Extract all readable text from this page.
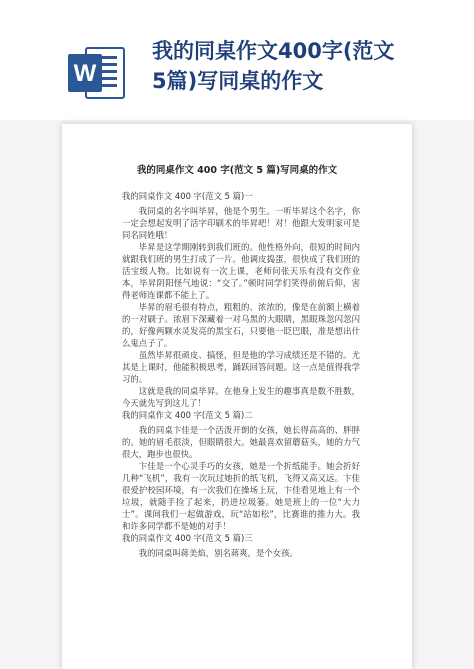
W
我的同桌作文400字(范文
5篇)写同桌的作文
我的同桌作文 400 字(范文 5 篇)写同桌的作文
我的同桌作文 400 字(范文 5 篇)一
我同桌的名字叫毕昇，他是个男生。一听毕昇这个名字，你一定会想起发明了活字印刷术的毕昇吧！对！他跟大发明家可是同名同姓哦！
毕昇是这学期刚转到我们班的。他性格外向，很短的时间内就跟我们班的男生打成了一片。他调皮捣蛋，很快成了我们班的活宝级人物。比如说有一次上课，老师问张天乐有没有交作业本，毕昇阴阳怪气地说：“交了。”顿时同学们笑得前俯后仰，害得老师连课都不能上了。
毕昇的眉毛很有特点，粗粗的、浓浓的，像是在前额上横着的一对刷子。浓眉下深藏着一对乌黑的大眼睛，黑眼珠忽闪忽闪的，好像两颗水灵发亮的黑宝石，只要他一眨巴眼，准是想出什么鬼点子了。
虽然毕昇很顽皮、搞怪，但是他的学习成绩还是不错的。尤其是上课时，他能积极思考，踊跃回答问题。这一点是值得我学习的。
这就是我的同桌毕昇。在他身上发生的趣事真是数不胜数，今天就先写到这儿了！
我的同桌作文 400 字(范文 5 篇)二
我的同桌卞佳是一个活泼开朗的女孩，她长得高高的、胖胖的。她的眉毛很淡，但眼睛很大。她最喜欢留蘑菇头，她的力气很大，跑步也很快。
卞佳是一个心灵手巧的女孩，她是一个折纸能手。她会折好几种“飞机”，我有一次玩过她折的纸飞机，飞得又高又远。卞佳很爱护校园环境，有一次我们在操场上玩，卞佳看见地上有一个垃圾，就随手捡了起来，扔进垃圾篓。她是班上的一位“大力士”。课间我们一起做游戏，玩“站如松”，比赛谁的推力大。我和许多同学都不是她的对手！
我的同桌作文 400 字(范文 5 篇)三
我的同桌叫蒋美焰，别名蒋爽，是个女孩。
